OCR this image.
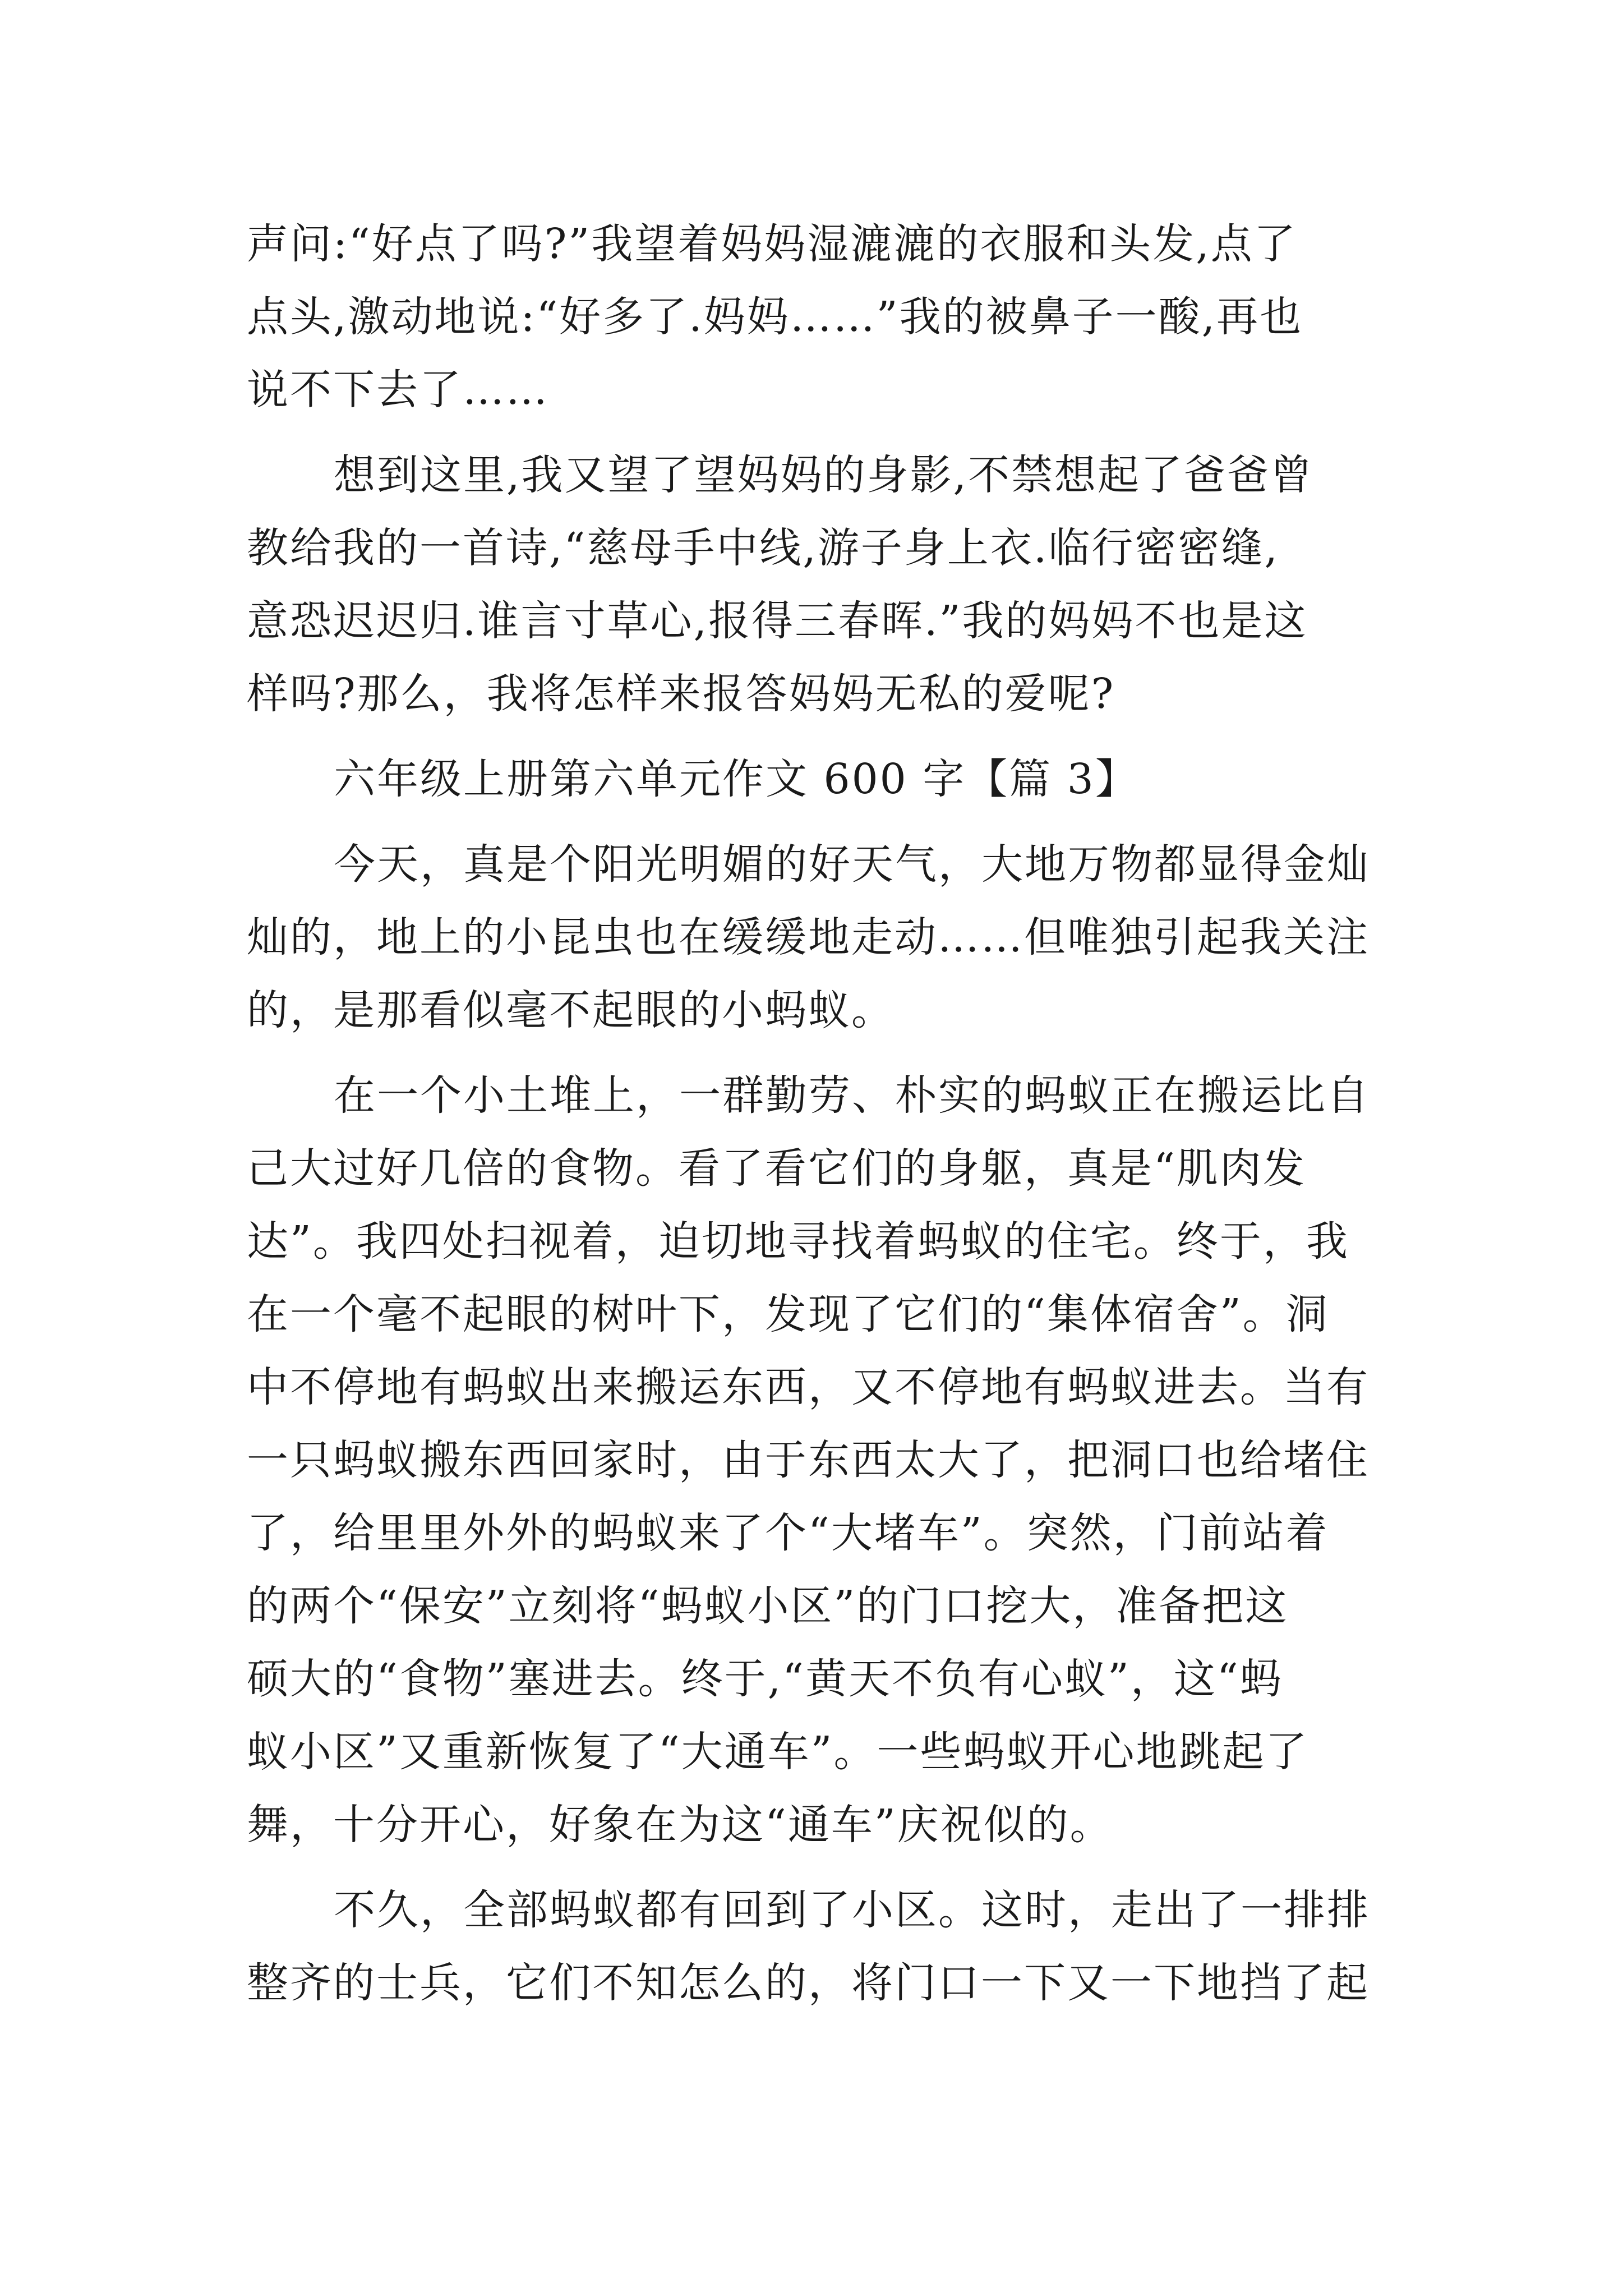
声问:“好点了吗?”我望着妈妈湿漉漉的衣服和头发,点了
点头,激动地说:“好多了.妈妈……”我的被鼻子一酸,再也
说不下去了……
想到这里,我又望了望妈妈的身影,不禁想起了爸爸曾
教给我的一首诗,“慈母手中线,游子身上衣.临行密密缝,
意恐迟迟归.谁言寸草心,报得三春晖.”我的妈妈不也是这
样吗?那么，我将怎样来报答妈妈无私的爱呢?
六年级上册第六单元作文 600 字【篇 3】
今天，真是个阳光明媚的好天气，大地万物都显得金灿
灿的，地上的小昆虫也在缓缓地走动……但唯独引起我关注
的，是那看似毫不起眼的小蚂蚁。
在一个小土堆上，一群勤劳、朴实的蚂蚁正在搬运比自
己大过好几倍的食物。看了看它们的身躯，真是“肌肉发
达”。我四处扫视着，迫切地寻找着蚂蚁的住宅。终于，我
在一个毫不起眼的树叶下，发现了它们的“集体宿舍”。洞
中不停地有蚂蚁出来搬运东西，又不停地有蚂蚁进去。当有
一只蚂蚁搬东西回家时，由于东西太大了，把洞口也给堵住
了，给里里外外的蚂蚁来了个“大堵车”。突然，门前站着
的两个“保安”立刻将“蚂蚁小区”的门口挖大，准备把这
硕大的“食物”塞进去。终于,“黄天不负有心蚁”，这“蚂
蚁小区”又重新恢复了“大通车”。一些蚂蚁开心地跳起了
舞，十分开心，好象在为这“通车”庆祝似的。
不久，全部蚂蚁都有回到了小区。这时，走出了一排排
整齐的士兵，它们不知怎么的，将门口一下又一下地挡了起
